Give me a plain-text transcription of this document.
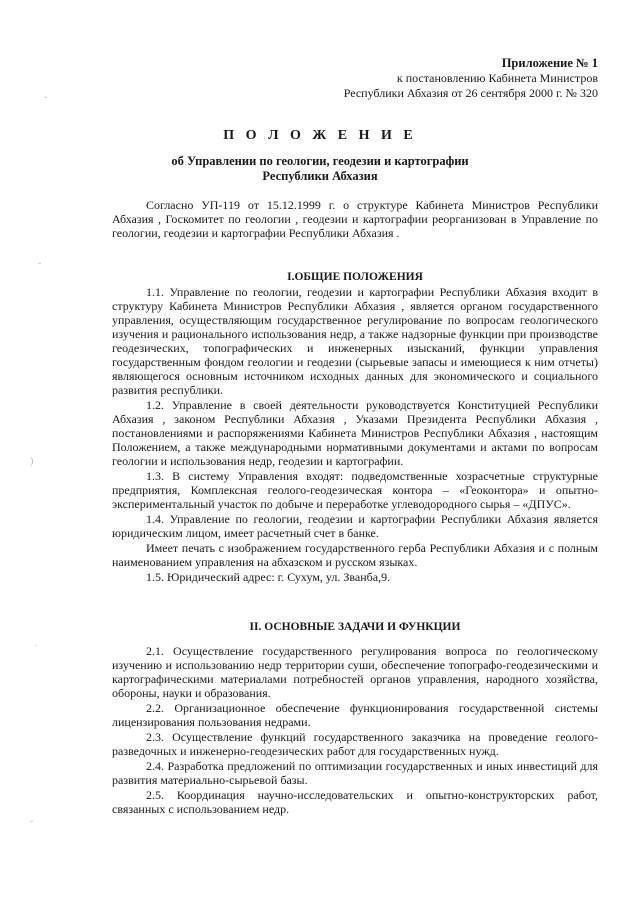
ˇ
˘
)
˙
˘
Приложение № 1
к постановлению Кабинета Министров
Республики Абхазия от 26 сентября 2000 г. № 320
П О Л О Ж Е Н И Е
об Управлении по геологии, геодезии и картографии
Республики Абхазия

Согласно УП-119 от 15.12.1999 г. о структуре Кабинета Министров Республики Абхазия , Госкомитет по геологии , геодезии и картографии реорганизован в Управление по геологии, геодезии и картографии Республики Абхазия .

I.ОБЩИЕ ПОЛОЖЕНИЯ

1.1. Управление по геологии, геодезии и картографии Республики Абхазия входит в структуру Кабинета Министров Республики Абхазия , является органом государственного управления, осуществляющим государственное регулирование по вопросам геологического изучения и рационального использования недр, а также надзорные функции при производстве геодезических, топографических и инженерных изысканий, функции управления государственным фондом геологии и геодезии (сырьевые запасы и имеющиеся к ним отчеты) являющегося основным источником исходных данных для экономического и социального развития республики.

1.2. Управление в своей деятельности руководствуется Конституцией Республики Абхазия , законом Республики Абхазия , Указами Президента Республики Абхазия , постановлениями и распоряжениями Кабинета Министров Республики Абхазия , настоящим Положением, а также международными нормативными документами и актами по вопросам геологии и использования недр, геодезии и картографии.

1.3. В систему Управления входят: подведомственные хозрасчетные структурные предприятия, Комплексная геолого-геодезическая контора – «Геоконтора» и опытно-экспериментальный участок по добыче и переработке углеводородного сырья – «ДПУС».

1.4. Управление по геологии, геодезии и картографии Республики Абхазия является юридическим лицом, имеет расчетный счет в банке.

Имеет печать с изображением государственного герба Республики Абхазия и с полным наименованием управления на абхазском и русском языках.

1.5. Юридический адрес: г. Сухум, ул. Званба,9.

II. ОСНОВНЫЕ ЗАДАЧИ И ФУНКЦИИ

2.1. Осуществление государственного регулирования вопроса по геологическому изучению и использованию недр территории суши, обеспечение топографо-геодезическими и картографическими материалами потребностей органов управления, народного хозяйства, обороны, науки и образования.

2.2. Организационное обеспечение функционирования государственной системы лицензирования пользования недрами.

2.3. Осуществление функций государственного заказчика на проведение геолого-разведочных и инженерно-геодезических работ для государственных нужд.

2.4. Разработка предложений по оптимизации государственных и иных инвестиций для развития материально-сырьевой базы.

2.5. Координация научно-исследовательских и опытно-конструкторских работ, связанных с использованием недр.
